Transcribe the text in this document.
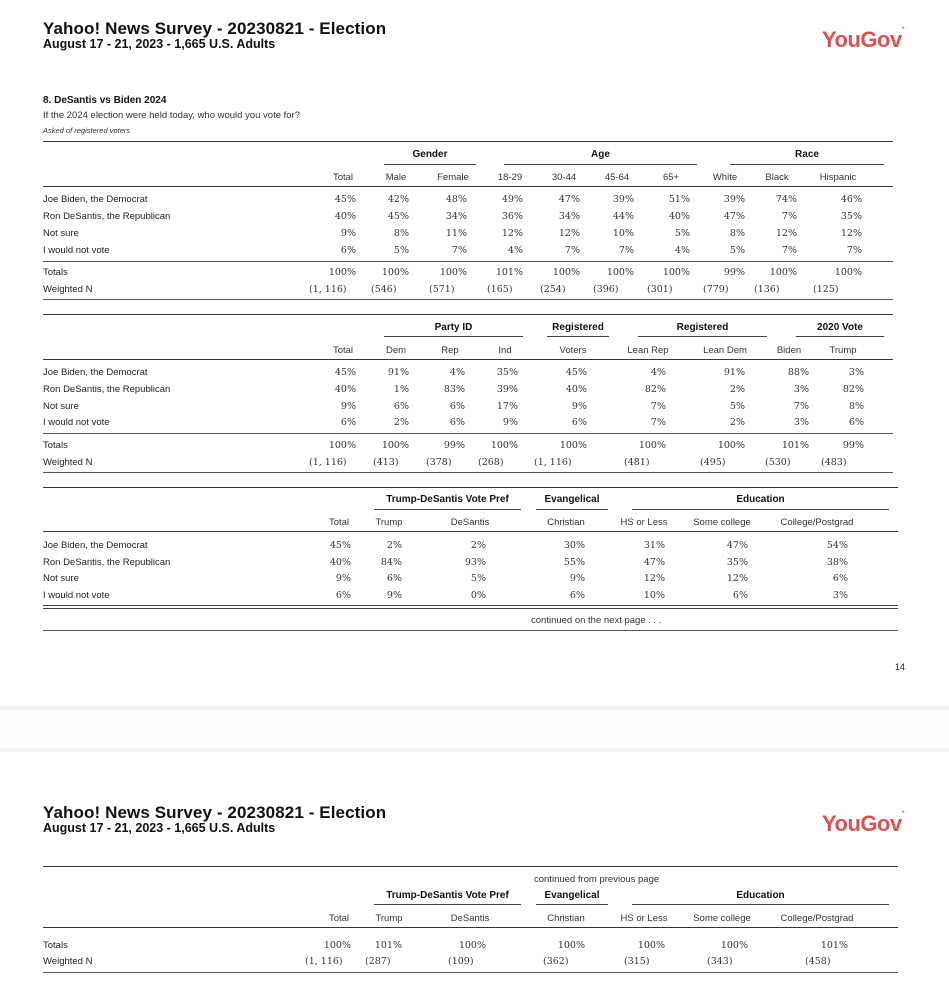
Yahoo! News Survey - 20230821 - Election
August 17 - 21, 2023 - 1,665 U.S. Adults	YouGov*
8. DeSantis vs Biden 2024
If the 2024 election were held today, who would you vote for?
Asked of registered voters
Gender	Age	Race
Total	Male	Female	18-29	30-44	45-64	65+	White	Black	Hispanic
Joe Biden, the Democrat	45%	42%	48%	49%	47%	39%	51%	39%	74%	46%
Ron DeSantis, the Republican	40%	45%	34%	36%	34%	44%	40%	47%	7%	35%
Not sure	9%	8%	11%	12%	12%	10%	5%	8%	12%	12%
I would not vote	6%	5%	7%	4%	7%	7%	4%	5%	7%	7%
Totals	100%	100%	100%	101%	100%	100%	100%	99%	100%	100%
Weighted N	(1, 116)	(546)	(571)	(165)	(254)	(396)	(301)	(779)	(136)	(125)
Party ID	Registered	Registered	2020 Vote
Total	Dem	Rep	Ind	Voters	Lean Rep	Lean Dem	Biden	Trump
Joe Biden, the Democrat	45%	91%	4%	35%	45%	4%	91%	88%	3%
Ron DeSantis, the Republican	40%	1%	83%	39%	40%	82%	2%	3%	82%
Not sure	9%	6%	6%	17%	9%	7%	5%	7%	8%
I would not vote	6%	2%	6%	9%	6%	7%	2%	3%	6%
Totals	100%	100%	99%	100%	100%	100%	100%	101%	99%
Weighted N	(1, 116)	(413)	(378)	(268)	(1, 116)	(481)	(495)	(530)	(483)
Trump-DeSantis Vote Pref	Evangelical	Education
Total	Trump	DeSantis	Christian	HS or Less	Some college	College/Postgrad
Joe Biden, the Democrat	45%	2%	2%	30%	31%	47%	54%
Ron DeSantis, the Republican	40%	84%	93%	55%	47%	35%	38%
Not sure	9%	6%	5%	9%	12%	12%	6%
I would not vote	6%	9%	0%	6%	10%	6%	3%
continued on the next page . . .
14
Yahoo! News Survey - 20230821 - Election
August 17 - 21, 2023 - 1,665 U.S. Adults	YouGov*
Trump-DeSantis Vote Pref	Evangelical	Education
Total	Trump	DeSantis	Christian	HS or Less	Some college	College/Postgrad
Totals	100%	101%	100%	100%	100%	100%	101%
Weighted N	(1, 116) (287)	(109)	(362)	(315)	(343)	(458)
continued from previous page
